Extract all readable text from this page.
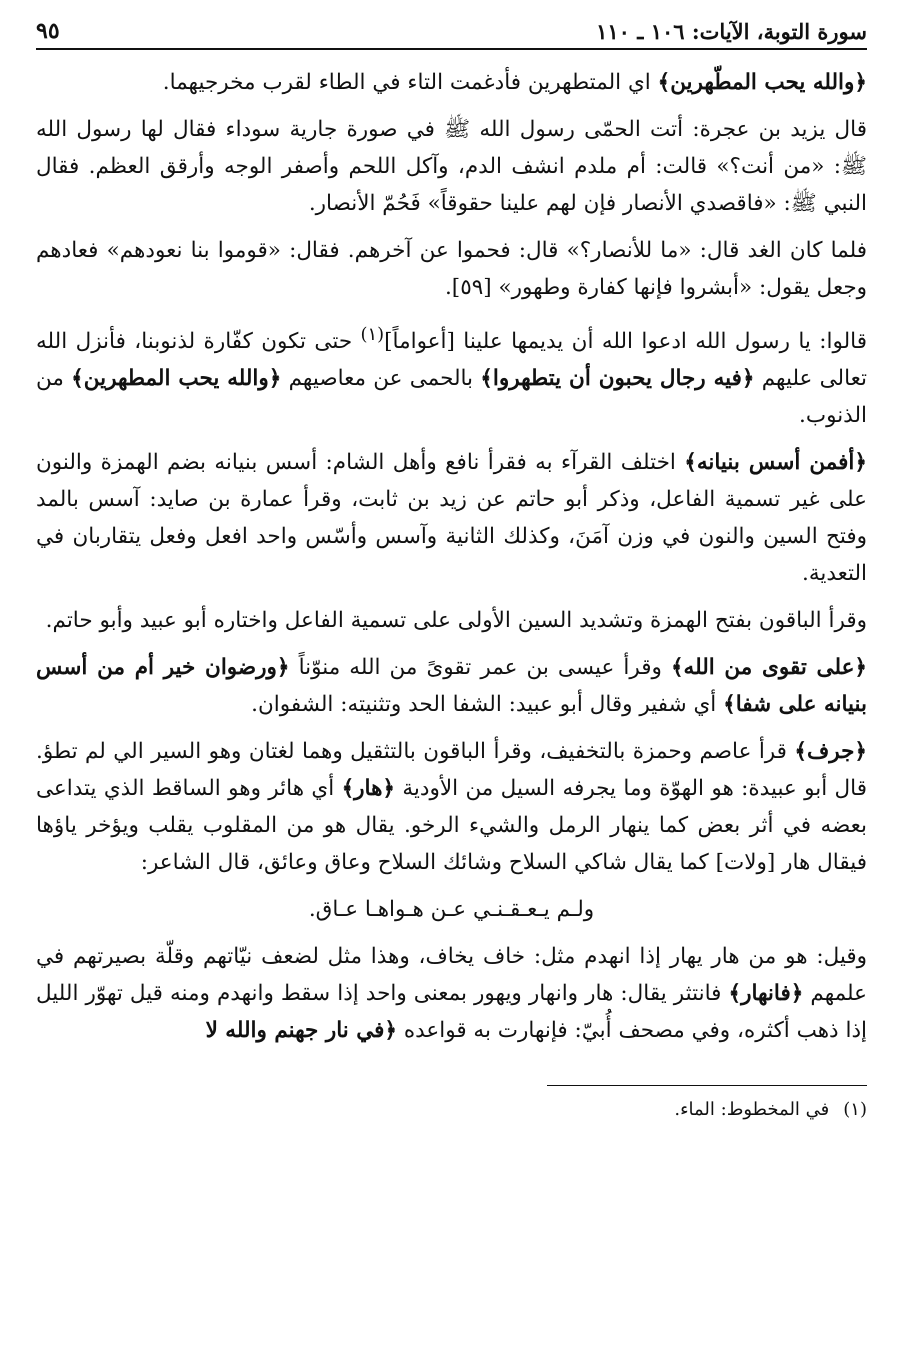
سورة التوبة، الآيات: ١٠٦ ـ ١١٠
٩٥

﴿والله يحب المطّهرين﴾ اي المتطهرين فأدغمت التاء في الطاء لقرب مخرجيهما.

قال يزيد بن عجرة: أتت الحمّى رسول الله ﷺ في صورة جارية سوداء فقال لها رسول الله ﷺ: «من أنت؟» قالت: أم ملدم انشف الدم، وآكل اللحم وأصفر الوجه وأرقق العظم. فقال النبي ﷺ: «فاقصدي الأنصار فإن لهم علينا حقوقاً» فَحُمّ الأنصار.

فلما كان الغد قال: «ما للأنصار؟» قال: فحموا عن آخرهم. فقال: «قوموا بنا نعودهم» فعادهم وجعل يقول: «أبشروا فإنها كفارة وطهور» [٥٩].

قالوا: يا رسول الله ادعوا الله أن يديمها علينا [أعواماً]$^{(١)}$ حتى تكون كفّارة لذنوبنا، فأنزل الله تعالى عليهم ﴿فيه رجال يحبون أن يتطهروا﴾ بالحمى عن معاصيهم ﴿والله يحب المطهرين﴾ من الذنوب.

﴿أفمن أسس بنيانه﴾ اختلف القرآء به فقرأ نافع وأهل الشام: أسس بنيانه بضم الهمزة والنون على غير تسمية الفاعل، وذكر أبو حاتم عن زيد بن ثابت، وقرأ عمارة بن صايد: آسس بالمد وفتح السين والنون في وزن آمَنَ، وكذلك الثانية وآسس وأسّس واحد افعل وفعل يتقاربان في التعدية.

وقرأ الباقون بفتح الهمزة وتشديد السين الأولى على تسمية الفاعل واختاره أبو عبيد وأبو حاتم.

﴿على تقوى من الله﴾ وقرأ عيسى بن عمر تقوىً من الله منوّناً ﴿ورضوان خير أم من أسس بنيانه على شفا﴾ أي شفير وقال أبو عبيد: الشفا الحد وتثنيته: الشفوان.

﴿جرف﴾ قرأ عاصم وحمزة بالتخفيف، وقرأ الباقون بالتثقيل وهما لغتان وهو السير الي لم تطؤ. قال أبو عبيدة: هو الهوّة وما يجرفه السيل من الأودية ﴿هار﴾ أي هائر وهو الساقط الذي يتداعى بعضه في أثر بعض كما ينهار الرمل والشيء الرخو. يقال هو من المقلوب يقلب ويؤخر ياؤها فيقال هار [ولات] كما يقال شاكي السلاح وشائك السلاح وعاق وعائق، قال الشاعر:

ولـم يـعـقـنـي عـن هـواهـا عـاق.

وقيل: هو من هار يهار إذا انهدم مثل: خاف يخاف، وهذا مثل لضعف نيّاتهم وقلّة بصيرتهم في علمهم ﴿فانهار﴾ فانتثر يقال: هار وانهار ويهور بمعنى واحد إذا سقط وانهدم ومنه قيل تهوّر الليل إذا ذهب أكثره، وفي مصحف أُبيّ: فإنهارت به قواعده ﴿في نار جهنم والله لا

(١)في المخطوط: الماء.
